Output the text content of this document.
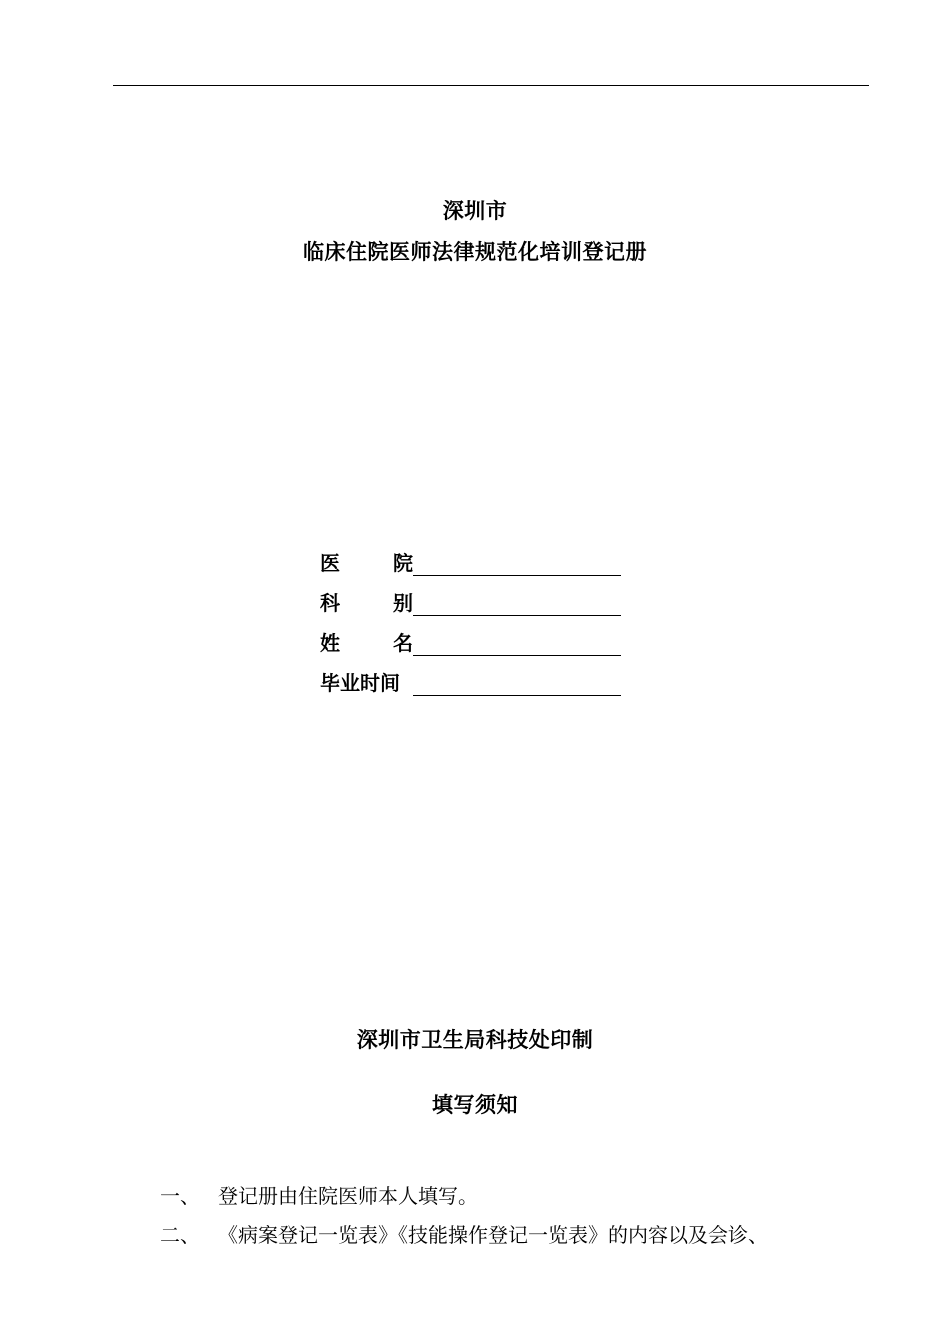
深圳市
临床住院医师法律规范化培训登记册
医	院
科	别
姓	名
毕业时间
深圳市卫生局科技处印制
填写须知
一、 登记册由住院医师本人填写。
二、 《病案登记一览表》《技能操作登记一览表》的内容以及会诊、
